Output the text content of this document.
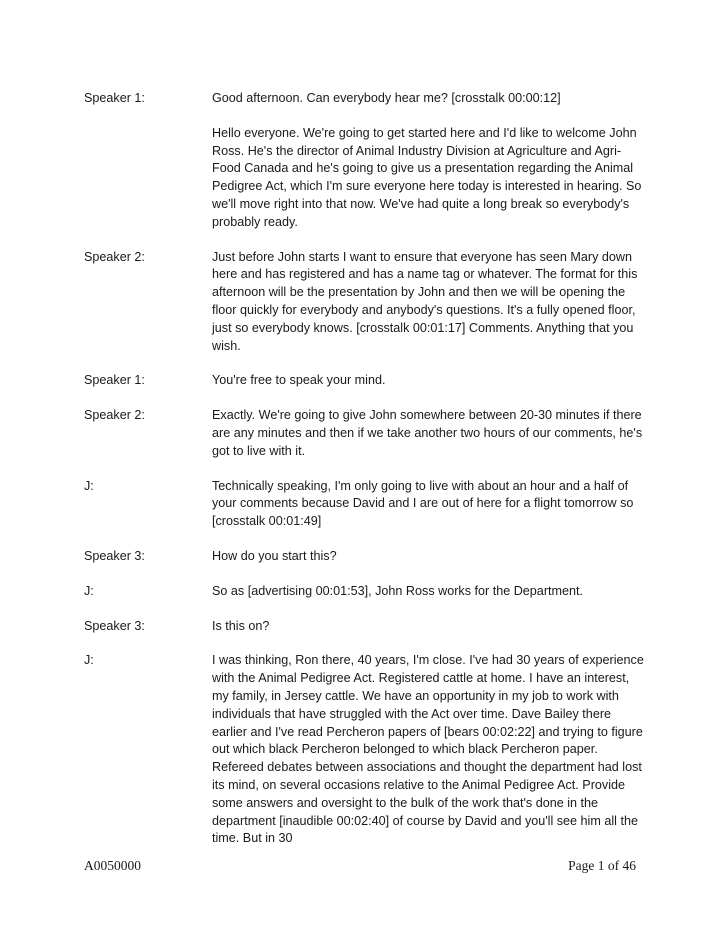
Speaker 1:	Good afternoon. Can everybody hear me? [crosstalk 00:00:12]

Hello everyone. We're going to get started here and I'd like to welcome John Ross. He's the director of Animal Industry Division at Agriculture and Agri-Food Canada and he's going to give us a presentation regarding the Animal Pedigree Act, which I'm sure everyone here today is interested in hearing. So we'll move right into that now. We've had quite a long break so everybody's probably ready.

Speaker 2:	Just before John starts I want to ensure that everyone has seen Mary down here and has registered and has a name tag or whatever. The format for this afternoon will be the presentation by John and then we will be opening the floor quickly for everybody and anybody's questions. It's a fully opened floor, just so everybody knows. [crosstalk 00:01:17] Comments. Anything that you wish.

Speaker 1:	You're free to speak your mind.

Speaker 2:	Exactly. We're going to give John somewhere between 20-30 minutes if there are any minutes and then if we take another two hours of our comments, he's got to live with it.

J:	Technically speaking, I'm only going to live with about an hour and a half of your comments because David and I are out of here for a flight tomorrow so [crosstalk 00:01:49]

Speaker 3:	How do you start this?

J:	So as [advertising 00:01:53], John Ross works for the Department.

Speaker 3:	Is this on?

J:	I was thinking, Ron there, 40 years, I'm close. I've had 30 years of experience with the Animal Pedigree Act. Registered cattle at home. I have an interest, my family, in Jersey cattle. We have an opportunity in my job to work with individuals that have struggled with the Act over time. Dave Bailey there earlier and I've read Percheron papers of [bears 00:02:22] and trying to figure out which black Percheron belonged to which black Percheron paper. Refereed debates between associations and thought the department had lost its mind, on several occasions relative to the Animal Pedigree Act. Provide some answers and oversight to the bulk of the work that's done in the department [inaudible 00:02:40] of course by David and you'll see him all the time. But in 30

A0050000	Page 1 of 46
